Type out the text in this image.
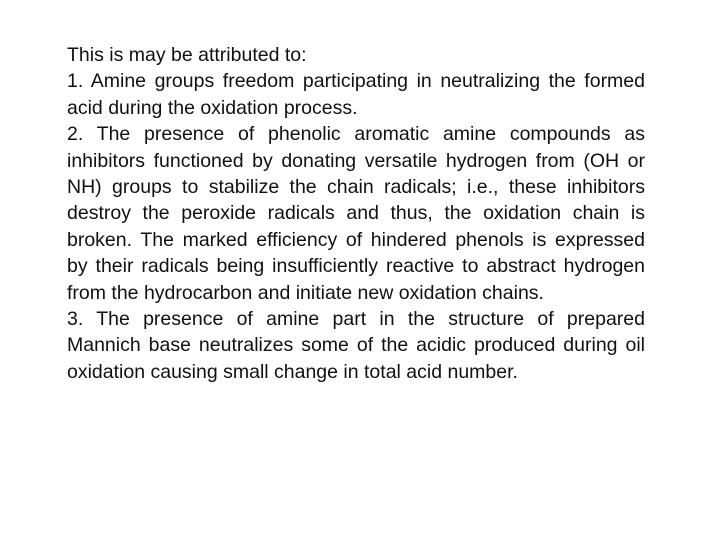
This is may be attributed to:

1. Amine groups freedom participating in neutralizing the formed acid during the oxidation process.

2. The presence of phenolic aromatic amine compounds as inhibitors functioned by donating versatile hydrogen from (OH or NH) groups to stabilize the chain radicals; i.e., these inhibitors destroy the peroxide radicals and thus, the oxidation chain is broken. The marked efficiency of hindered phenols is expressed by their radicals being insufficiently reactive to abstract hydrogen from the hydrocarbon and initiate new oxidation chains.

3. The presence of amine part in the structure of prepared Mannich base neutralizes some of the acidic produced during oil oxidation causing small change in total acid number.
